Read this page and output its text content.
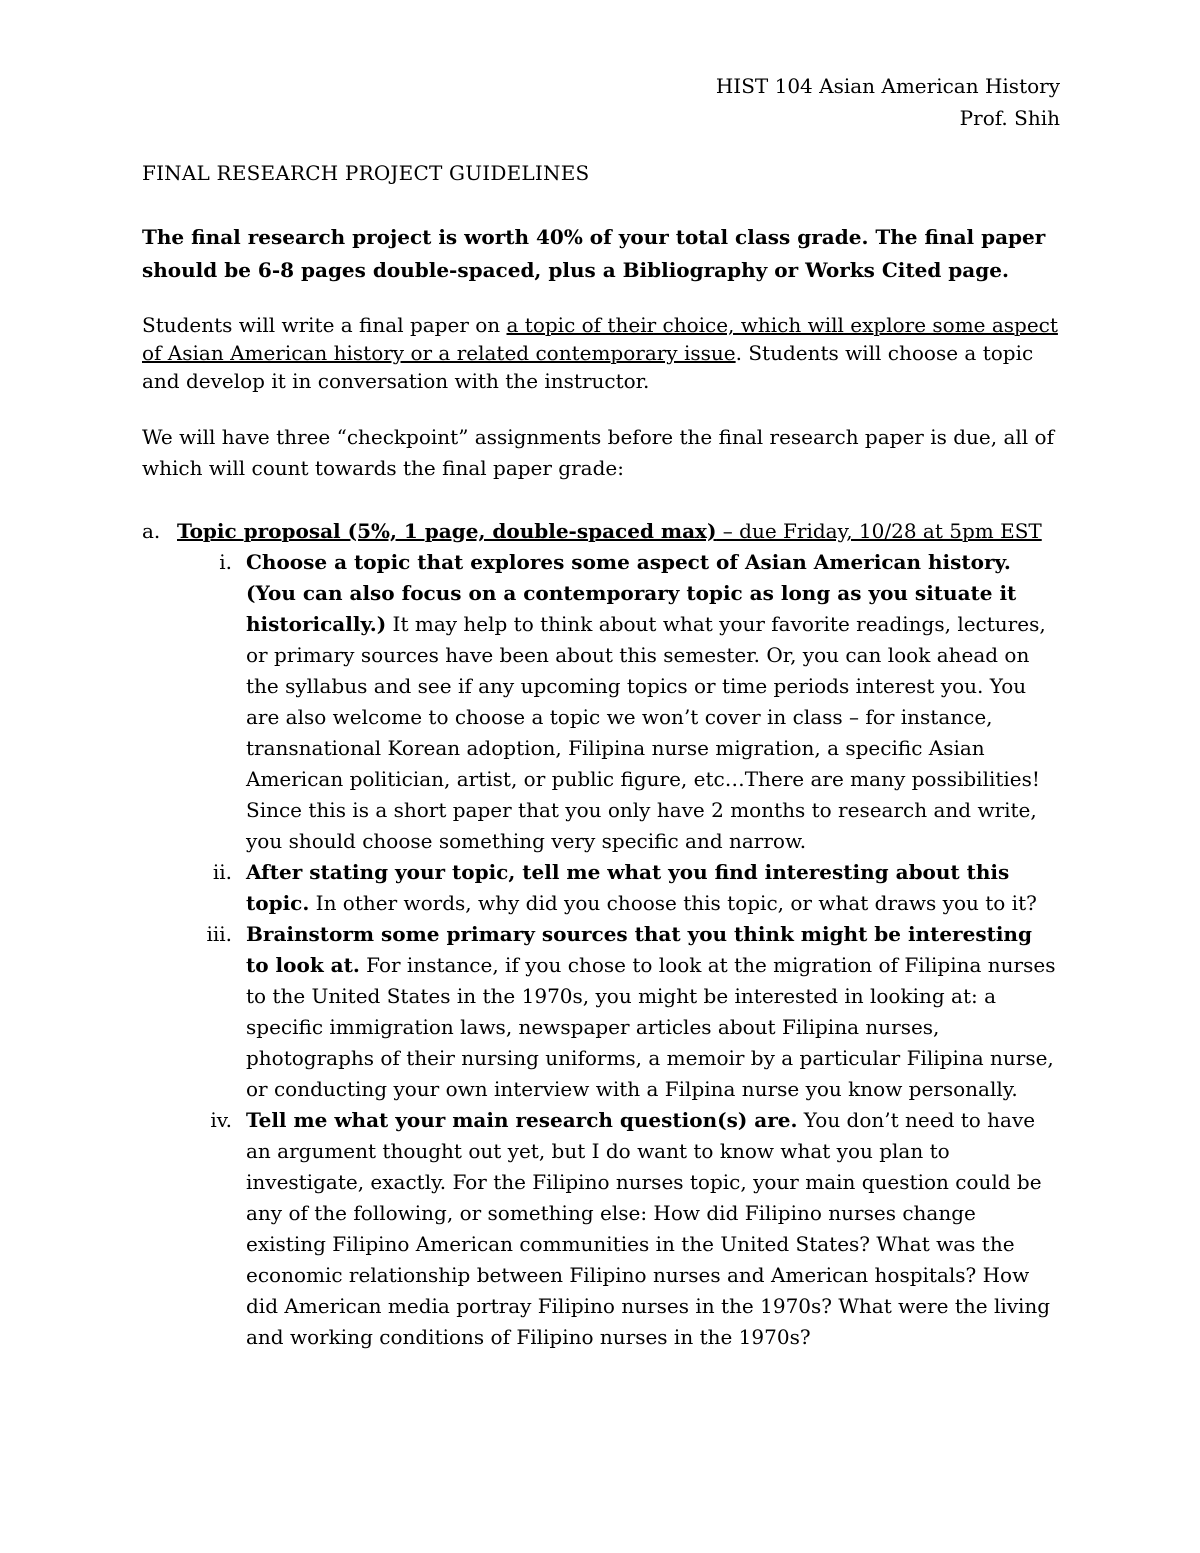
HIST 104 Asian American History
Prof. Shih
FINAL RESEARCH PROJECT GUIDELINES
The final research project is worth 40% of your total class grade. The final paper should be 6-8 pages double-spaced, plus a Bibliography or Works Cited page.
Students will write a final paper on a topic of their choice, which will explore some aspect of Asian American history or a related contemporary issue. Students will choose a topic and develop it in conversation with the instructor.
We will have three “checkpoint” assignments before the final research paper is due, all of which will count towards the final paper grade:
a. Topic proposal (5%, 1 page, double-spaced max) – due Friday, 10/28 at 5pm EST
i. Choose a topic that explores some aspect of Asian American history. (You can also focus on a contemporary topic as long as you situate it historically.) It may help to think about what your favorite readings, lectures, or primary sources have been about this semester. Or, you can look ahead on the syllabus and see if any upcoming topics or time periods interest you. You are also welcome to choose a topic we won’t cover in class – for instance, transnational Korean adoption, Filipina nurse migration, a specific Asian American politician, artist, or public figure, etc…There are many possibilities! Since this is a short paper that you only have 2 months to research and write, you should choose something very specific and narrow.
ii. After stating your topic, tell me what you find interesting about this topic. In other words, why did you choose this topic, or what draws you to it?
iii. Brainstorm some primary sources that you think might be interesting to look at. For instance, if you chose to look at the migration of Filipina nurses to the United States in the 1970s, you might be interested in looking at: a specific immigration laws, newspaper articles about Filipina nurses, photographs of their nursing uniforms, a memoir by a particular Filipina nurse, or conducting your own interview with a Filpina nurse you know personally.
iv. Tell me what your main research question(s) are. You don’t need to have an argument thought out yet, but I do want to know what you plan to investigate, exactly. For the Filipino nurses topic, your main question could be any of the following, or something else: How did Filipino nurses change existing Filipino American communities in the United States? What was the economic relationship between Filipino nurses and American hospitals? How did American media portray Filipino nurses in the 1970s? What were the living and working conditions of Filipino nurses in the 1970s?
